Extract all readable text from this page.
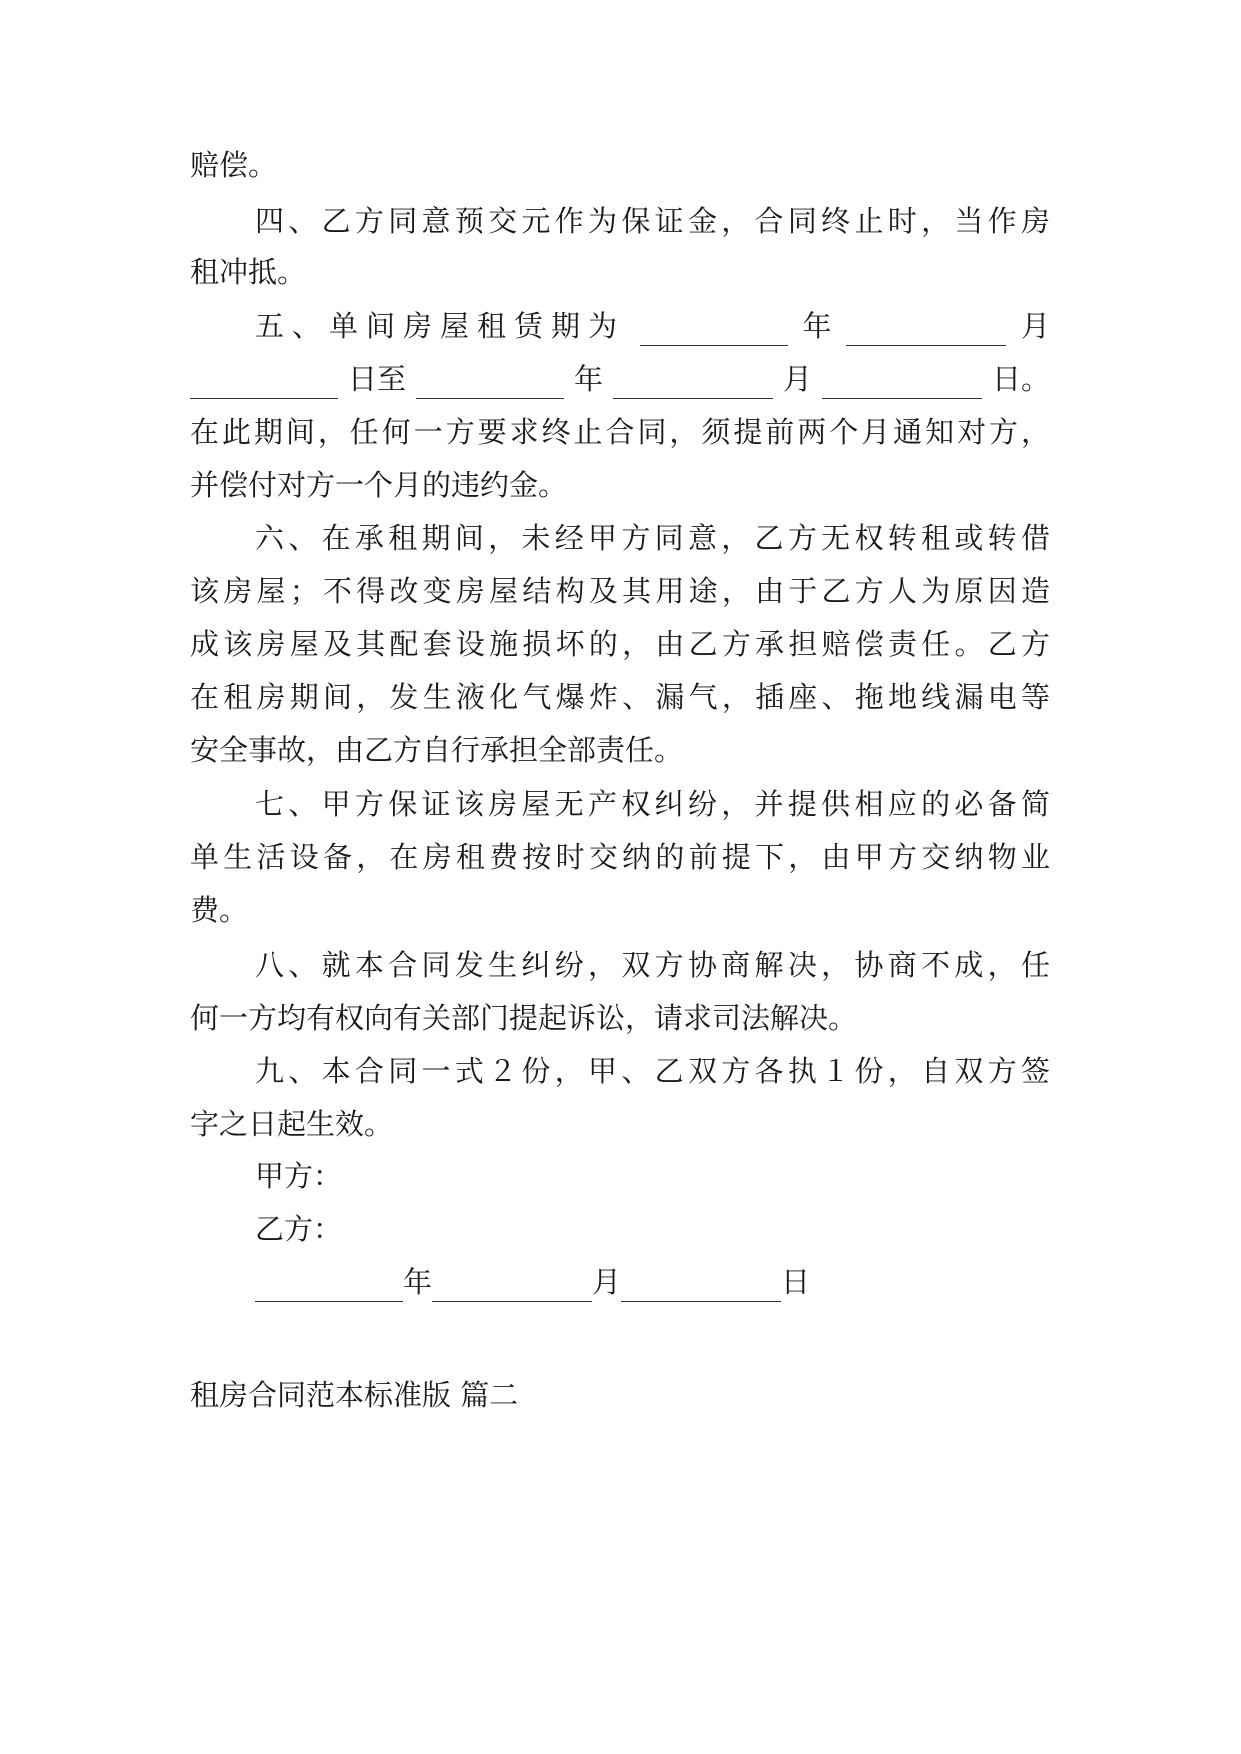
赔偿。
四、乙方同意预交元作为保证金，合同终止时，当作房
租冲抵。
五、单间房屋租赁期为	年	月
日至	年	月	日。
在此期间，任何一方要求终止合同，须提前两个月通知对方，
并偿付对方一个月的违约金。
六、在承租期间，未经甲方同意，乙方无权转租或转借
该房屋；不得改变房屋结构及其用途，由于乙方人为原因造
成该房屋及其配套设施损坏的，由乙方承担赔偿责任。乙方
在租房期间，发生液化气爆炸、漏气，插座、拖地线漏电等
安全事故，由乙方自行承担全部责任。
七、甲方保证该房屋无产权纠纷，并提供相应的必备简
单生活设备，在房租费按时交纳的前提下，由甲方交纳物业
费。
八、就本合同发生纠纷，双方协商解决，协商不成，任
何一方均有权向有关部门提起诉讼，请求司法解决。
九、本合同一式２份，甲、乙双方各执１份，自双方签
字之日起生效。
甲方：
乙方：
年	月	日
租房合同范本标准版 篇二
